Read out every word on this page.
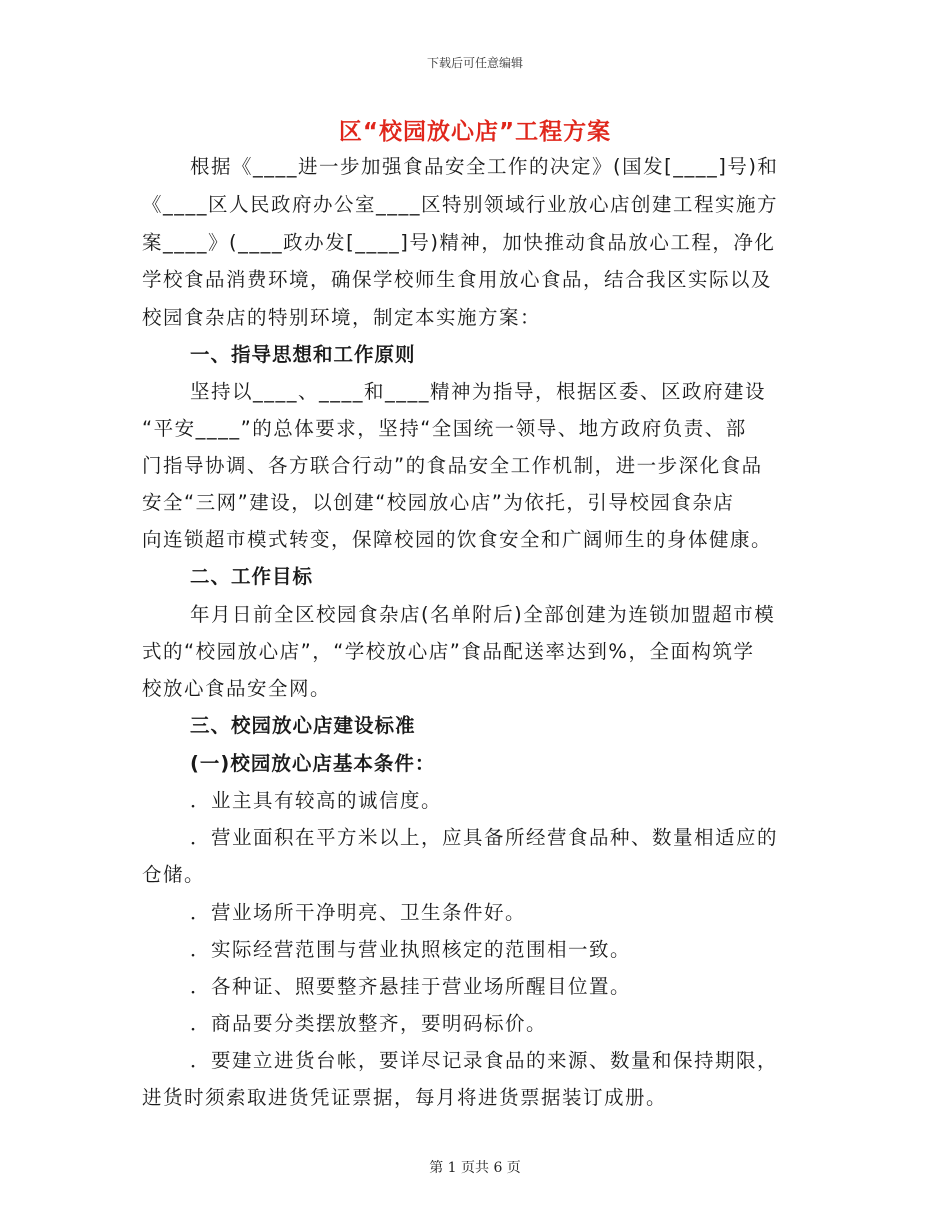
下载后可任意编辑
区“校园放心店”工程方案
根据《____进一步加强食品安全工作的决定》(国发[____]号)和
《____区人民政府办公室____区特别领域行业放心店创建工程实施方
案____》(____政办发[____]号)精神，加快推动食品放心工程，净化
学校食品消费环境，确保学校师生食用放心食品，结合我区实际以及
校园食杂店的特别环境，制定本实施方案：
一、指导思想和工作原则
坚持以____、____和____精神为指导，根据区委、区政府建设
“平安____”的总体要求，坚持“全国统一领导、地方政府负责、部
门指导协调、各方联合行动”的食品安全工作机制，进一步深化食品
安全“三网”建设，以创建“校园放心店”为依托，引导校园食杂店
向连锁超市模式转变，保障校园的饮食安全和广阔师生的身体健康。
二、工作目标
年月日前全区校园食杂店(名单附后)全部创建为连锁加盟超市模
式的“校园放心店”，“学校放心店”食品配送率达到%，全面构筑学
校放心食品安全网。
三、校园放心店建设标准
(一)校园放心店基本条件：
．业主具有较高的诚信度。
．营业面积在平方米以上，应具备所经营食品种、数量相适应的
仓储。
．营业场所干净明亮、卫生条件好。
．实际经营范围与营业执照核定的范围相一致。
．各种证、照要整齐悬挂于营业场所醒目位置。
．商品要分类摆放整齐，要明码标价。
．要建立进货台帐，要详尽记录食品的来源、数量和保持期限，
进货时须索取进货凭证票据，每月将进货票据装订成册。
第 1 页共 6 页
